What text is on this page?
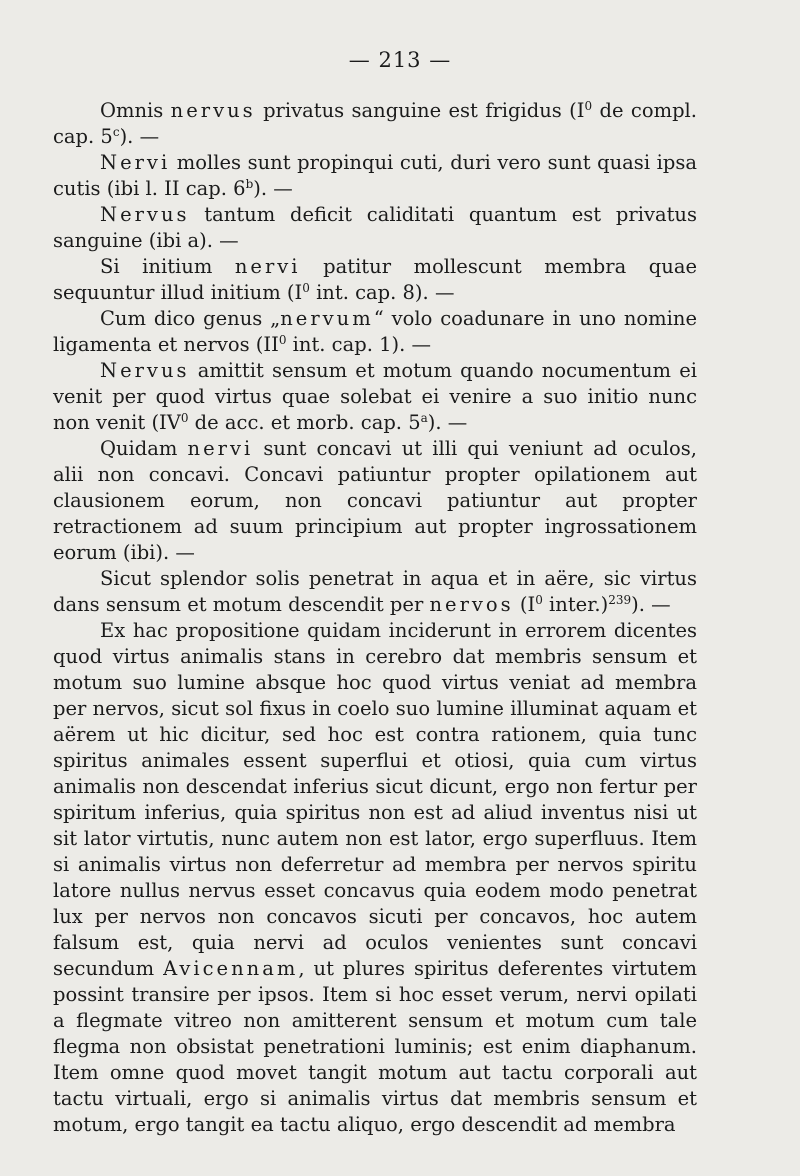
— 213 —

Omnis nervus privatus sanguine est frigidus ($I^0$ de compl. cap. 5$^c$). —

Nervi molles sunt propinqui cuti, duri vero sunt quasi ipsa cutis (ibi l. II cap. 6$^b$). —

Nervus tantum deficit caliditati quantum est privatus sanguine (ibi a). —

Si initium nervi patitur mollescunt membra quae sequuntur illud initium ($I^0$ int. cap. 8). —

Cum dico genus „nervum“ volo coadunare in uno nomine ligamenta et nervos ($II^0$ int. cap. 1). —

Nervus amittit sensum et motum quando nocumentum ei venit per quod virtus quae solebat ei venire a suo initio nunc non venit ($IV^0$ de acc. et morb. cap. 5$^a$). —

Quidam nervi sunt concavi ut illi qui veniunt ad oculos, alii non concavi. Concavi patiuntur propter opilationem aut clausionem eorum, non concavi patiuntur aut propter retractionem ad suum principium aut propter ingrossationem eorum (ibi). —

Sicut splendor solis penetrat in aqua et in aëre, sic virtus dans sensum et motum descendit per nervos ($I^0$ inter.)$^{239}$). —

Ex hac propositione quidam inciderunt in errorem dicentes quod virtus animalis stans in cerebro dat membris sensum et motum suo lumine absque hoc quod virtus veniat ad membra per nervos, sicut sol fixus in coelo suo lumine illuminat aquam et aërem ut hic dicitur, sed hoc est contra rationem, quia tunc spiritus animales essent superflui et otiosi, quia cum virtus animalis non descendat inferius sicut dicunt, ergo non fertur per spiritum inferius, quia spiritus non est ad aliud inventus nisi ut sit lator virtutis, nunc autem non est lator, ergo superfluus. Item si animalis virtus non deferretur ad membra per nervos spiritu latore nullus nervus esset concavus quia eodem modo penetrat lux per nervos non concavos sicuti per concavos, hoc autem falsum est, quia nervi ad oculos venientes sunt concavi secundum Avicennam, ut plures spiritus deferentes virtutem possint transire per ipsos. Item si hoc esset verum, nervi opilati a flegmate vitreo non amitterent sensum et motum cum tale flegma non obsistat penetrationi luminis; est enim diaphanum. Item omne quod movet tangit motum aut tactu corporali aut tactu virtuali, ergo si animalis virtus dat membris sensum et motum, ergo tangit ea tactu aliquo, ergo descendit ad membra
